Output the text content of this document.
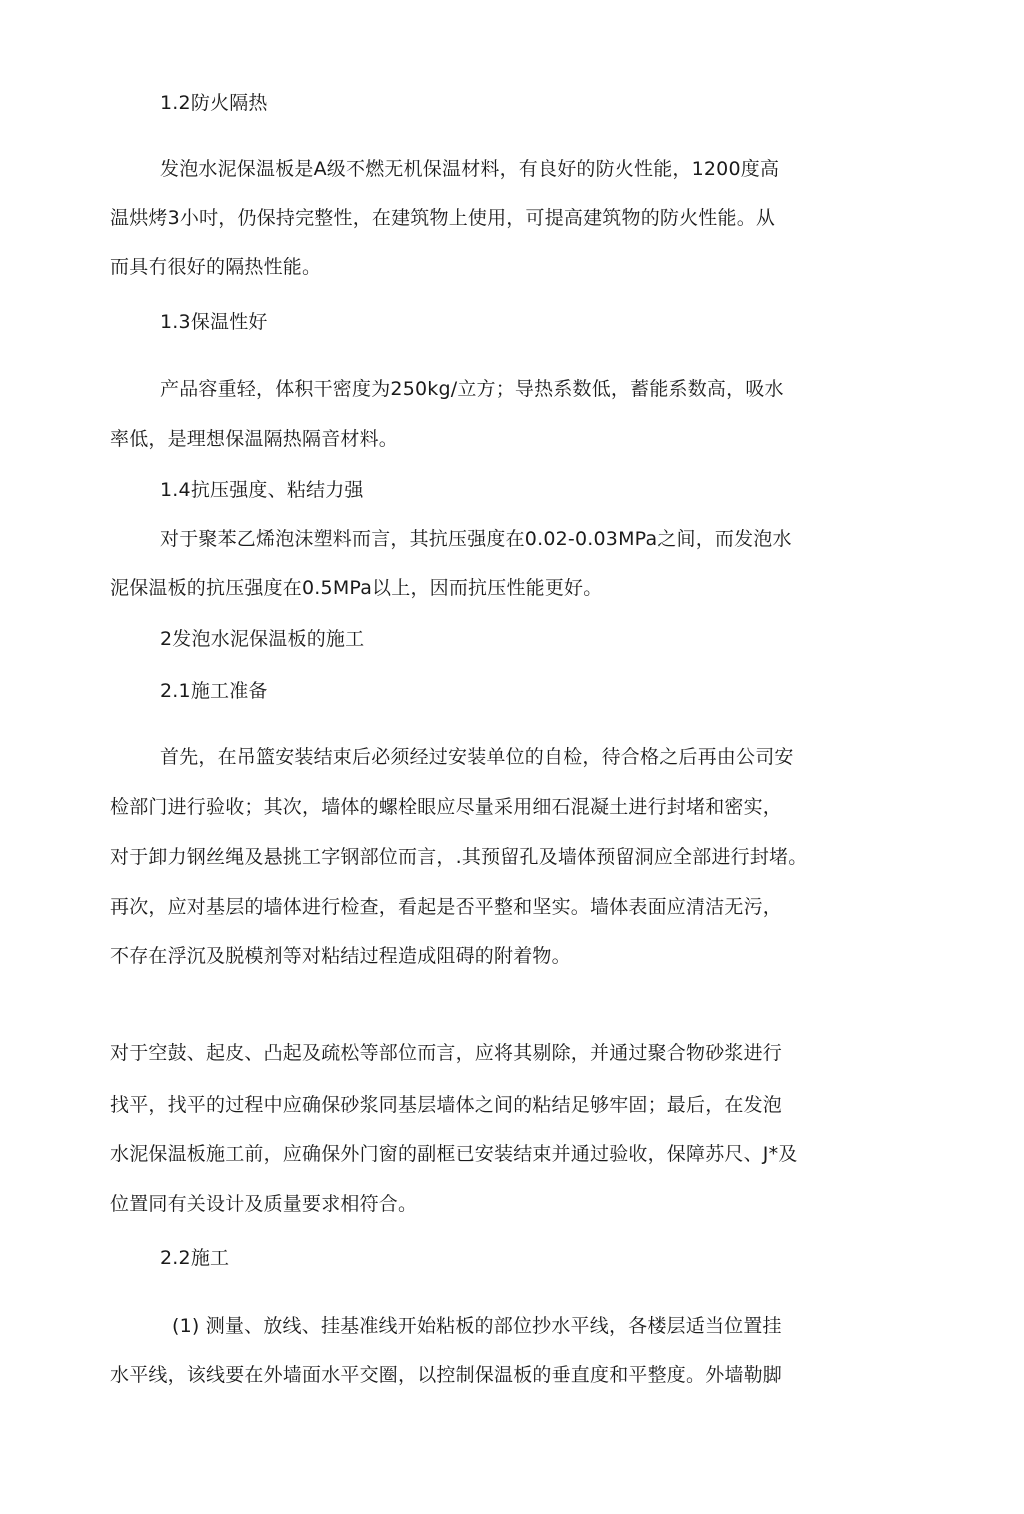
1.2防火隔热
发泡水泥保温板是A级不燃无机保温材料，有良好的防火性能，1200度高
温烘烤3小吋，仍保持完整性，在建筑物上使用，可提高建筑物的防火性能。从
而具冇很好的隔热性能。
1.3保温性好
产品容重轻，体积干密度为250kg/立方；导热系数低，蓄能系数高，吸水
率低，是理想保温隔热隔音材料。
1.4抗压强度、粘结力强
对于聚苯乙烯泡沫塑料而言，其抗压强度在0.02-0.03MPa之间，而发泡水
泥保温板的抗压强度在0.5MPa以上，因而抗压性能更好。
2发泡水泥保温板的施工
2.1施工准备
首先，在吊篮安装结束后必须经过安装单位的自检，待合格之后再由公司安
检部门进行验收；其次，墙体的螺栓眼应尽量采用细石混凝土进行封堵和密实，
对于卸力钢丝绳及悬挑工字钢部位而言，.其预留孔及墙体预留洞应全部进行封堵。
再次，应对基层的墙体进行检查，看起是否平整和坚实。墙体表面应清洁无污，
不存在浮沉及脱模剂等对粘结过程造成阻碍的附着物。
对于空鼓、起皮、凸起及疏松等部位而言，应将其剔除，并通过聚合物砂浆进行
找平，找平的过程中应确保砂浆同基层墙体之间的粘结足够牢固；最后，在发泡
水泥保温板施工前，应确保外门窗的副框已安装结束并通过验收，保障苏尺、J*及
位置同有关设计及质量要求相符合。
2.2施工
(1) 测量、放线、挂基准线开始粘板的部位抄水平线，各楼层适当位置挂
水平线，该线要在外墙面水平交圈，以控制保温板的垂直度和平整度。外墙勒脚
